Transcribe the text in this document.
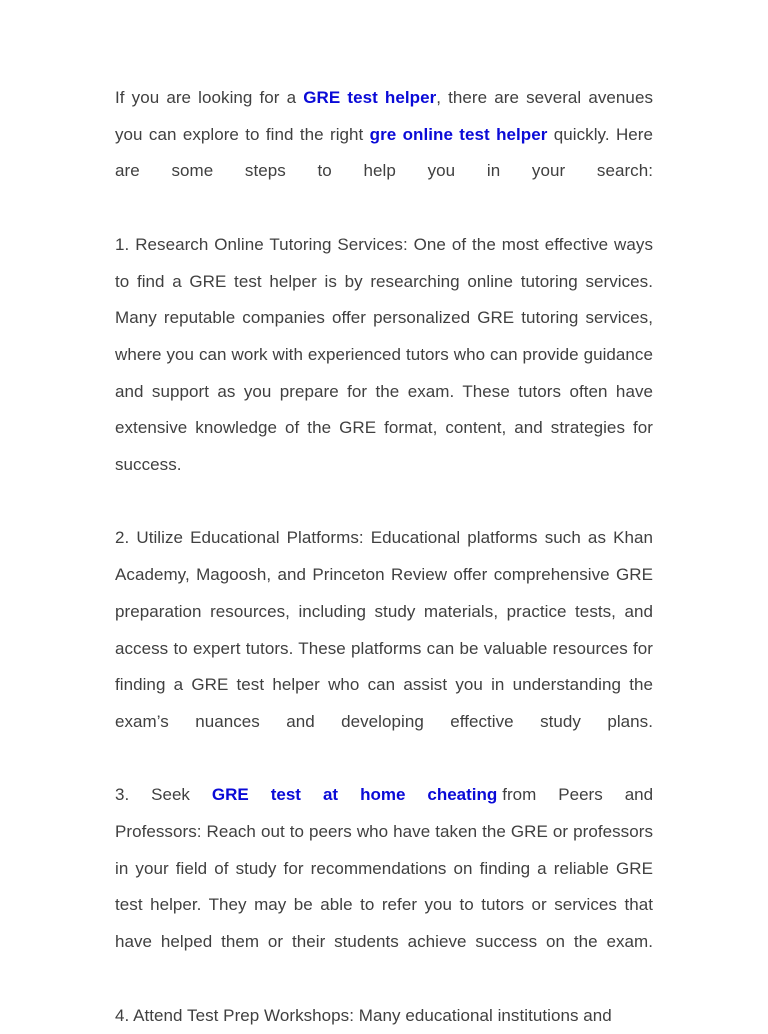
If you are looking for a GRE test helper, there are several avenues you can explore to find the right gre online test helper quickly. Here are some steps to help you in your search:

1. Research Online Tutoring Services: One of the most effective ways to find a GRE test helper is by researching online tutoring services. Many reputable companies offer personalized GRE tutoring services, where you can work with experienced tutors who can provide guidance and support as you prepare for the exam. These tutors often have extensive knowledge of the GRE format, content, and strategies for success.

2. Utilize Educational Platforms: Educational platforms such as Khan Academy, Magoosh, and Princeton Review offer comprehensive GRE preparation resources, including study materials, practice tests, and access to expert tutors. These platforms can be valuable resources for finding a GRE test helper who can assist you in understanding the exam’s nuances and developing effective study plans.

3. Seek GRE test at home cheating from Peers and

Professors: Reach out to peers who have taken the GRE or professors in your field of study for recommendations on finding a reliable GRE test helper. They may be able to refer you to tutors or services that have helped them or their students achieve success on the exam.

4. Attend Test Prep Workshops: Many educational institutions and
